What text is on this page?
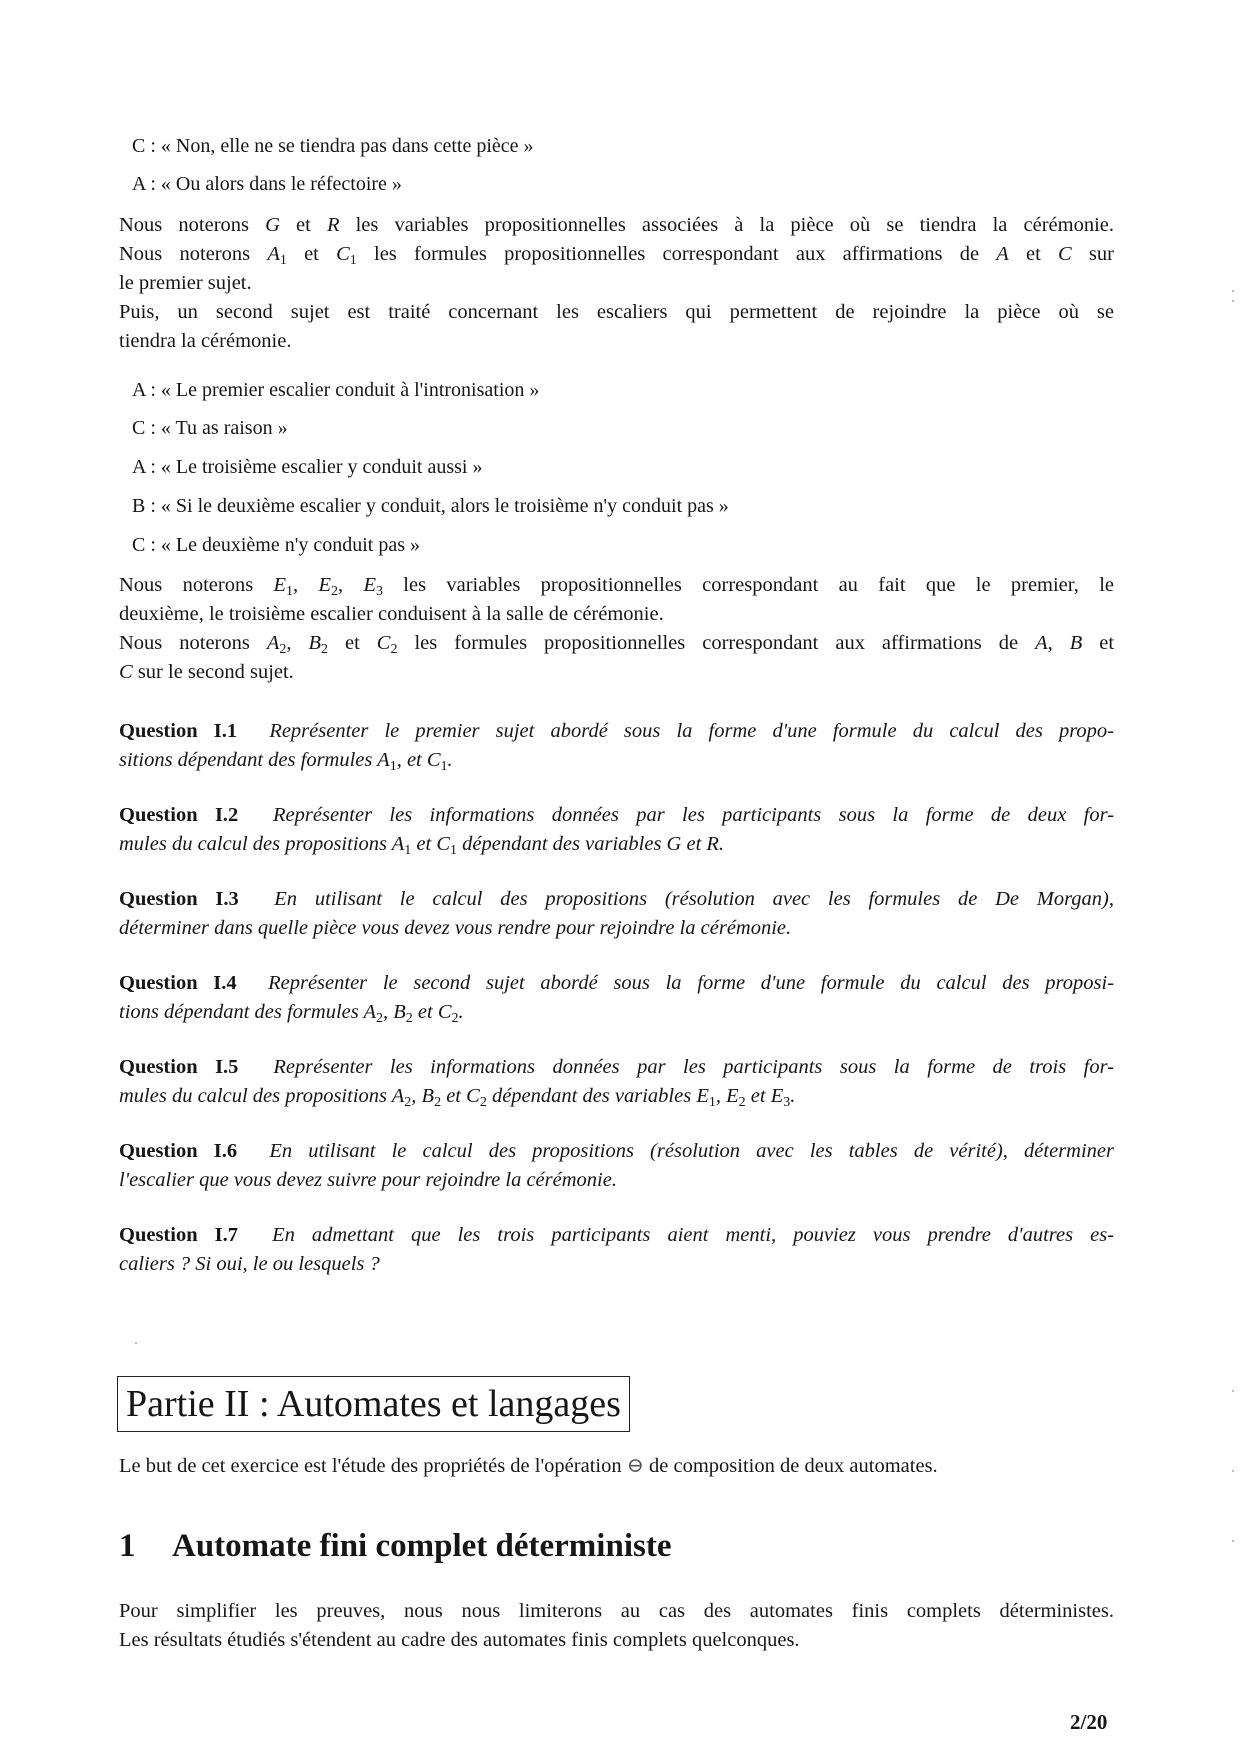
C : « Non, elle ne se tiendra pas dans cette pièce »

A : « Ou alors dans le réfectoire »

Nous noterons G et R les variables propositionnelles associées à la pièce où se tiendra la cérémonie.
Nous noterons $A_1$ et $C_1$ les formules propositionnelles correspondant aux affirmations de A et C sur
le premier sujet.
Puis, un second sujet est traité concernant les escaliers qui permettent de rejoindre la pièce où se
tiendra la cérémonie.

A : « Le premier escalier conduit à l'intronisation »

C : « Tu as raison »

A : « Le troisième escalier y conduit aussi »

B : « Si le deuxième escalier y conduit, alors le troisième n'y conduit pas »

C : « Le deuxième n'y conduit pas »

Nous noterons $E_1$, $E_2$, $E_3$ les variables propositionnelles correspondant au fait que le premier, le
deuxième, le troisième escalier conduisent à la salle de cérémonie.
Nous noterons $A_2$, $B_2$ et $C_2$ les formules propositionnelles correspondant aux affirmations de A, B et
C sur le second sujet.
Question I.1 Représenter le premier sujet abordé sous la forme d'une formule du calcul des propo-
sitions dépendant des formules $A_1$, et $C_1$.
Question I.2 Représenter les informations données par les participants sous la forme de deux for-
mules du calcul des propositions $A_1$ et $C_1$ dépendant des variables G et R.
Question I.3 En utilisant le calcul des propositions (résolution avec les formules de De Morgan),
déterminer dans quelle pièce vous devez vous rendre pour rejoindre la cérémonie.
Question I.4 Représenter le second sujet abordé sous la forme d'une formule du calcul des proposi-
tions dépendant des formules $A_2$, $B_2$ et $C_2$.
Question I.5 Représenter les informations données par les participants sous la forme de trois for-
mules du calcul des propositions $A_2$, $B_2$ et $C_2$ dépendant des variables $E_1$, $E_2$ et $E_3$.
Question I.6 En utilisant le calcul des propositions (résolution avec les tables de vérité), déterminer
l'escalier que vous devez suivre pour rejoindre la cérémonie.
Question I.7 En admettant que les trois participants aient menti, pouviez vous prendre d'autres es-
caliers ? Si oui, le ou lesquels ?
Partie II : Automates et langages

Le but de cet exercice est l'étude des propriétés de l'opération ⊖ de composition de deux automates.

1 Automate fini complet déterministe
Pour simplifier les preuves, nous nous limiterons au cas des automates finis complets déterministes.
Les résultats étudiés s'étendent au cadre des automates finis complets quelconques.
2/20
